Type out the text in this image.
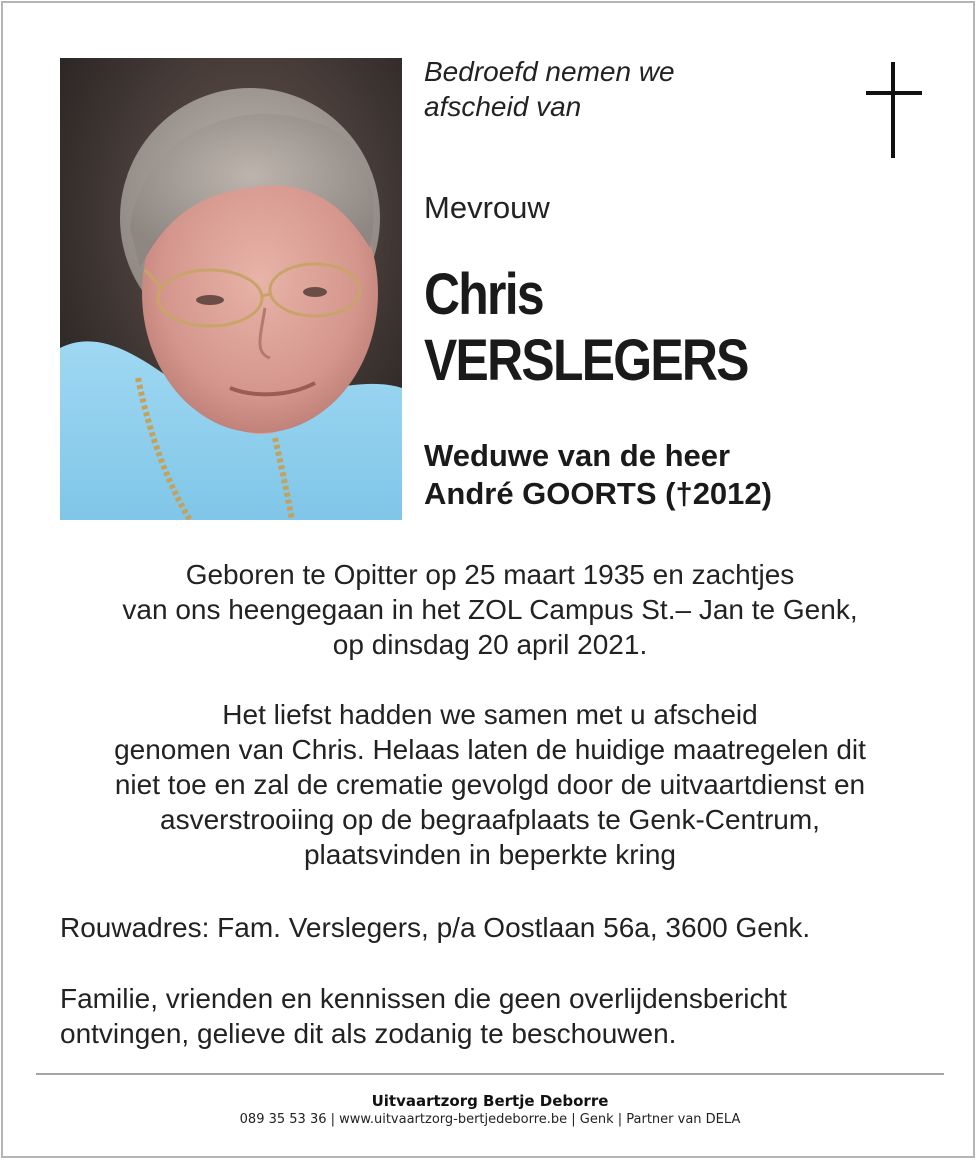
Bedroefd nemen we
afscheid van
Mevrouw
Chris
VERSLEGERS
Weduwe van de heer
André GOORTS (†2012)
Geboren te Opitter op 25 maart 1935 en zachtjes
van ons heengegaan in het ZOL Campus St.– Jan te Genk,
op dinsdag 20 april 2021.
Het liefst hadden we samen met u afscheid
genomen van Chris. Helaas laten de huidige maatregelen dit
niet toe en zal de crematie gevolgd door de uitvaartdienst en
asverstrooiing op de begraafplaats te Genk-Centrum,
plaatsvinden in beperkte kring
Rouwadres: Fam. Verslegers, p/a Oostlaan 56a, 3600 Genk.
Familie, vrienden en kennissen die geen overlijdensbericht
ontvingen, gelieve dit als zodanig te beschouwen.
Uitvaartzorg Bertje Deborre
089 35 53 36 | www.uitvaartzorg-bertjedeborre.be | Genk | Partner van DELA
